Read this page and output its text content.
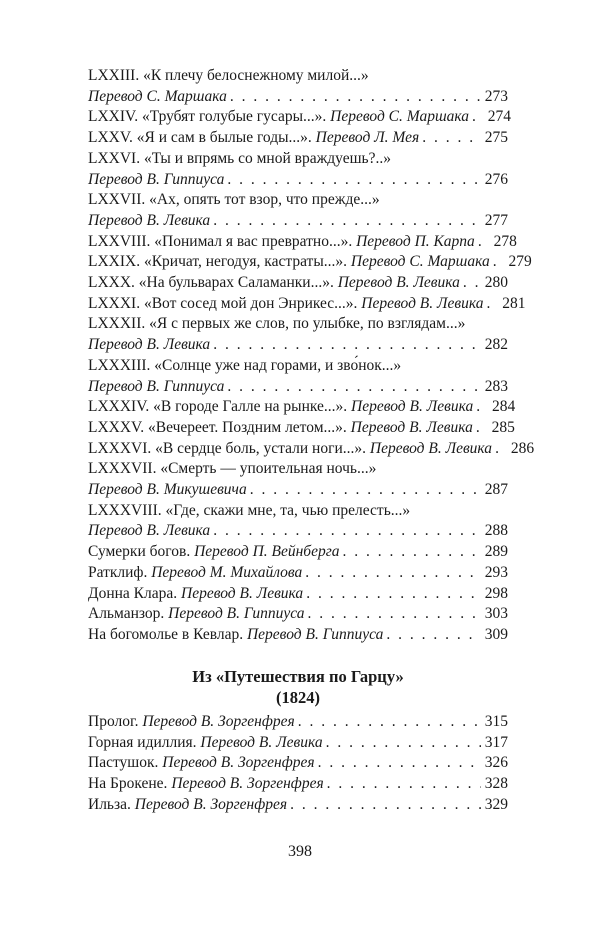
LXXIII. «К плечу белоснежному милой...»
Перевод С. Маршака . . .	273
LXXIV. «Трубят голубые гусары...». Перевод С. Маршака . . . 274
LXXV. «Я и сам в былые годы...». Перевод Л. Мея . . .	275
LXXVI. «Ты и впрямь со мной враждуешь?..»
Перевод В. Гиппиуса . . .	276
LXXVII. «Ах, опять тот взор, что прежде...»
Перевод В. Левика . . .	277
LXXVIII. «Понимал я вас превратно...». Перевод П. Карпа . . . 278
LXXIX. «Кричат, негодуя, кастраты...». Перевод С. Маршака . . . 279
LXXX. «На бульварах Саламанки...». Перевод В. Левика . . . 280
LXXXI. «Вот сосед мой дон Энрикес...». Перевод В. Левика . . . 281
LXXXII. «Я с первых же слов, по улыбке, по взглядам...»
Перевод В. Левика . . .	282
LXXXIII. «Солнце уже над горами, и зво́нок...»
Перевод В. Гиппиуса . . .	283
LXXXIV. «В городе Галле на рынке...». Перевод В. Левика . . . 284
LXXXV. «Вечереет. Поздним летом...». Перевод В. Левика . . . 285
LXXXVI. «В сердце боль, устали ноги...». Перевод В. Левика . . . 286
LXXXVII. «Смерть — упоительная ночь...»
Перевод В. Микушевича . . .	287
LXXXVIII. «Где, скажи мне, та, чью прелесть...»
Перевод В. Левика . . .	288
Сумерки богов. Перевод П. Вейнберга . . .	289
Ратклиф. Перевод М. Михайлова . . .	293
Донна Клара. Перевод В. Левика . . .	298
Альманзор. Перевод В. Гиппиуса . . .	303
На богомолье в Кевлар. Перевод В. Гиппиуса . . .	309
Из «Путешествия по Гарцу»
(1824)
Пролог. Перевод В. Зоргенфрея . . .	315
Горная идиллия. Перевод В. Левика . . .	317
Пастушок. Перевод В. Зоргенфрея . . .	326
На Брокене. Перевод В. Зоргенфрея . . .	328
Ильза. Перевод В. Зоргенфрея . . .	329
398
